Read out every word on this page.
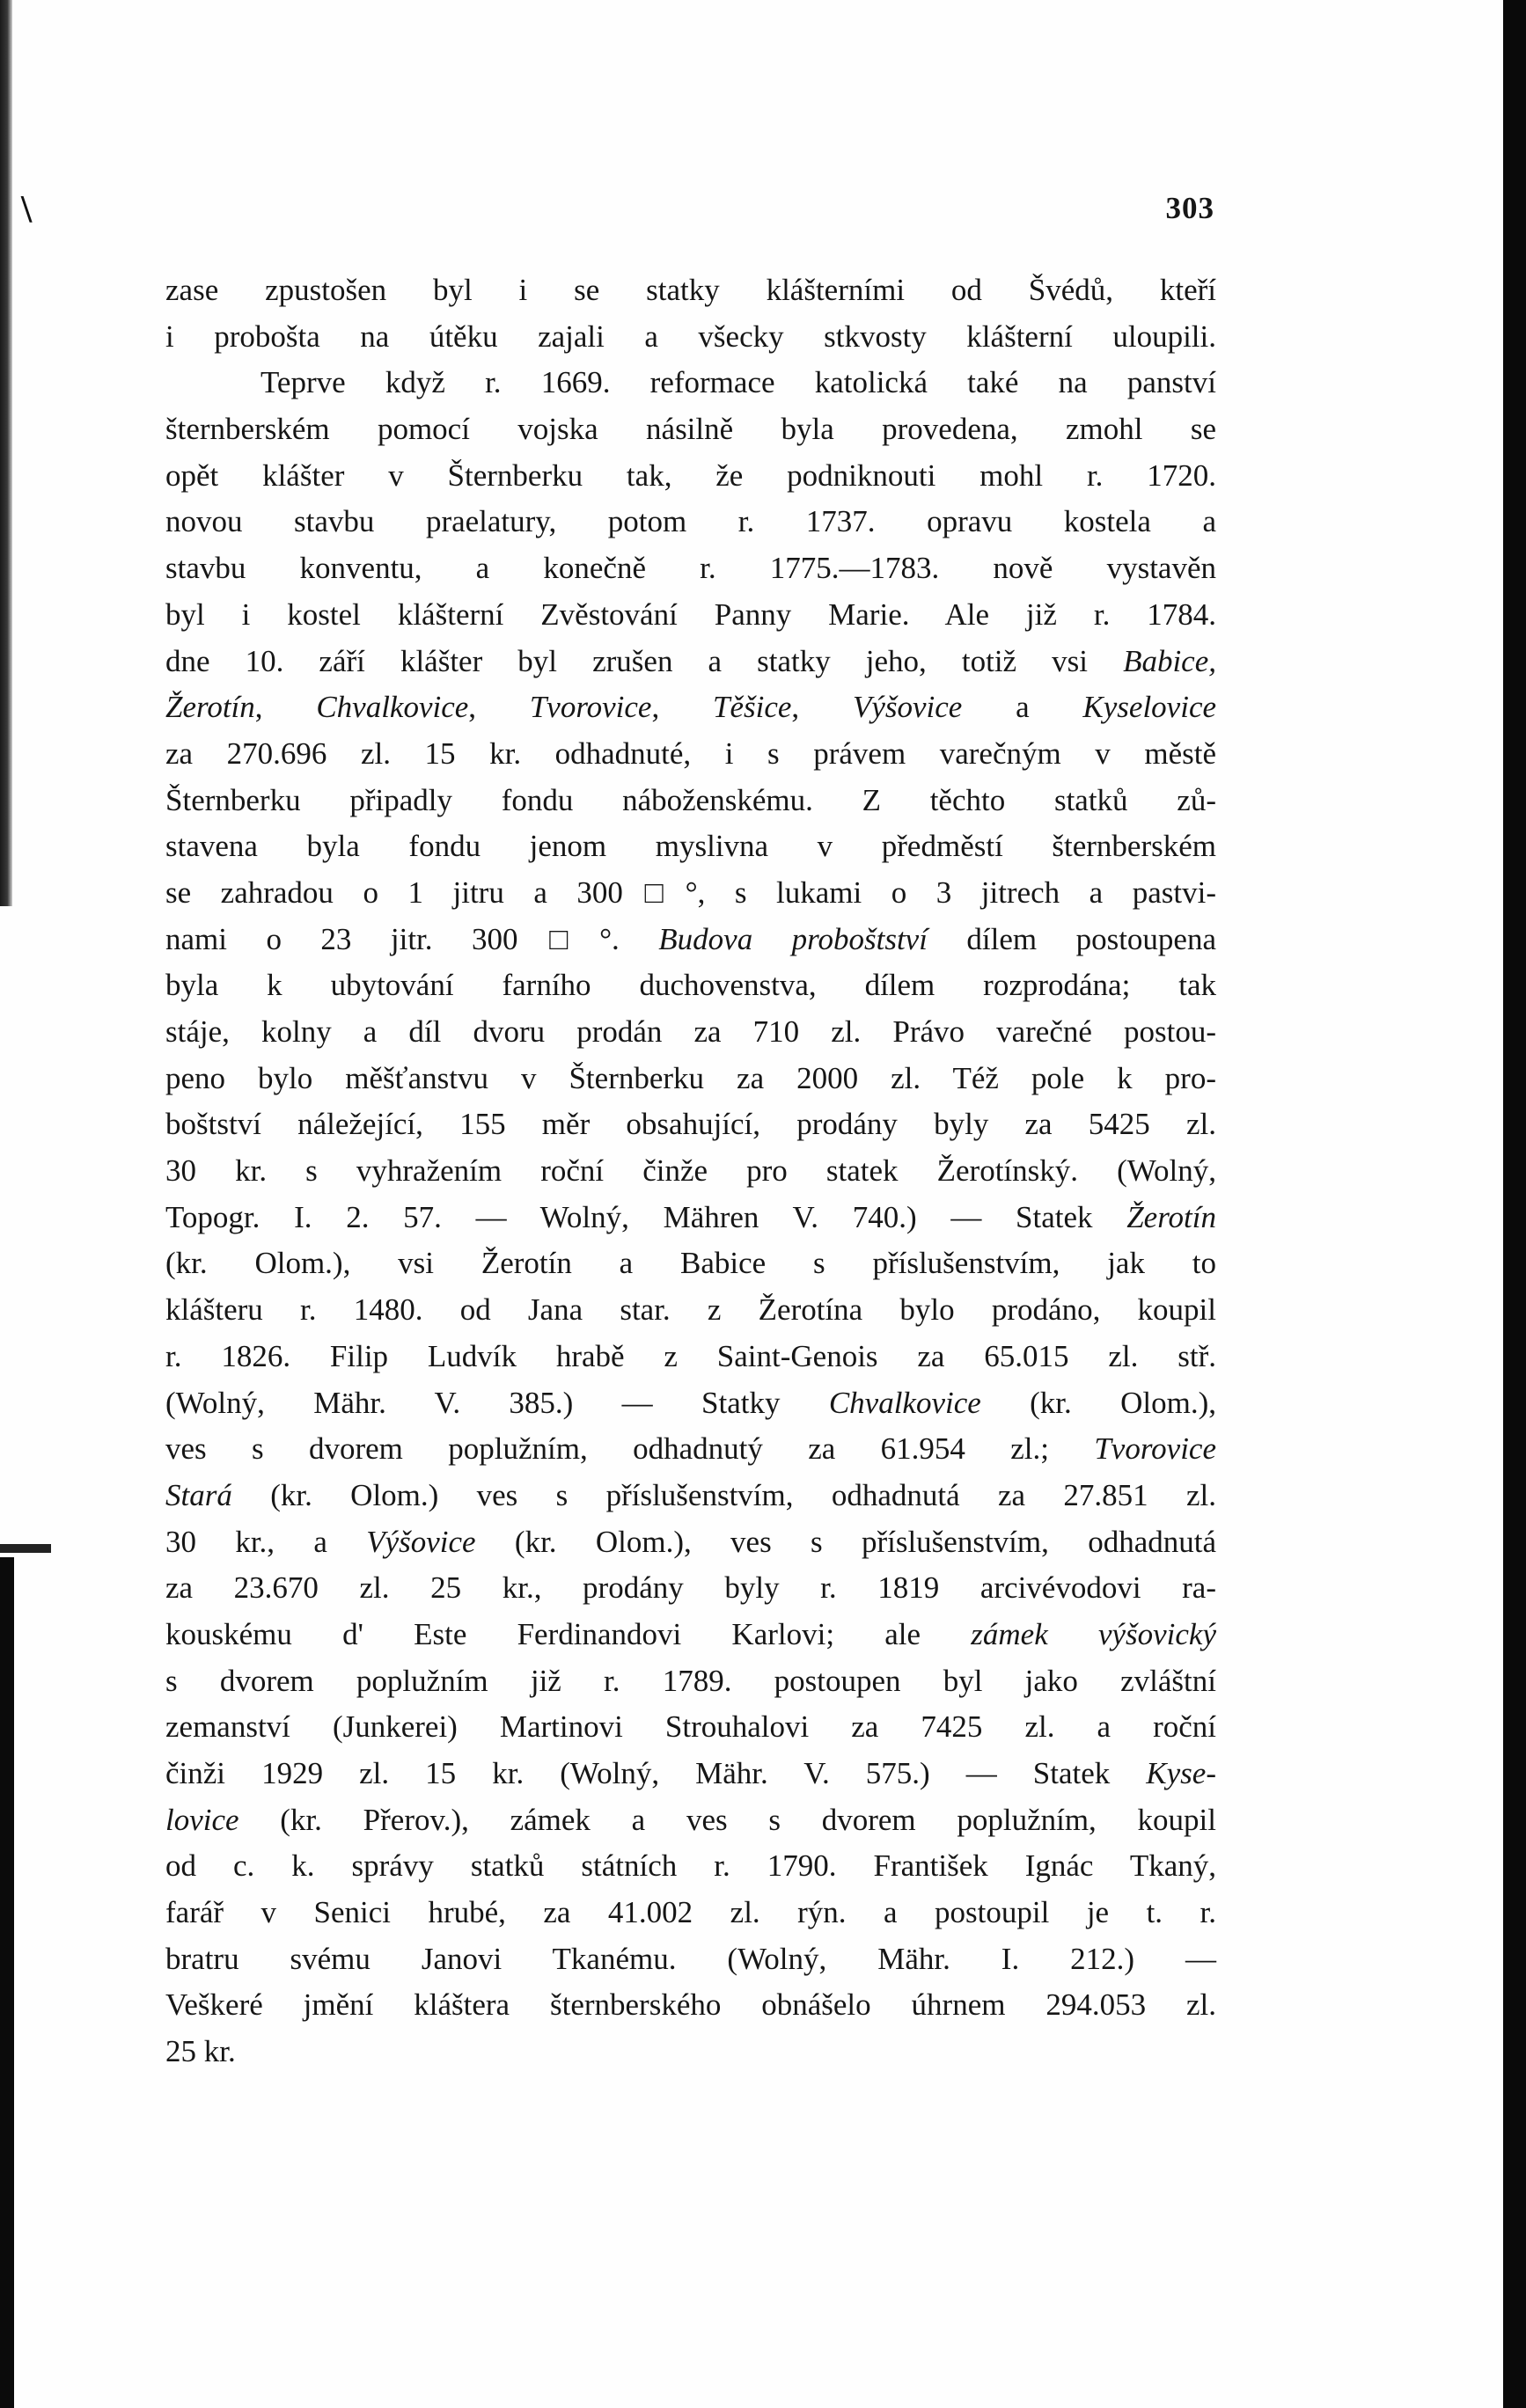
\	303
zase zpustošen byl i se statky klášterními od Švédů, kteří
i probošta na útěku zajali a všecky stkvosty klášterní uloupili.
Teprve když r. 1669. reformace katolická také na panství
šternberském pomocí vojska násilně byla provedena, zmohl se
opět klášter v Šternberku tak, že podniknouti mohl r. 1720.
novou stavbu praelatury, potom r. 1737. opravu kostela a
stavbu konventu, a konečně r. 1775.—1783. nově vystavěn
byl i kostel klášterní Zvěstování Panny Marie. Ale již r. 1784.
dne 10. září klášter byl zrušen a statky jeho, totiž vsi Babice,
Žerotín, Chvalkovice, Tvorovice, Těšice, Výšovice a Kyselovice
za 270.696 zl. 15 kr. odhadnuté, i s právem varečným v městě
Šternberku připadly fondu náboženskému. Z těchto statků zů-
stavena byla fondu jenom myslivna v předměstí šternberském
se zahradou o 1 jitru a 300□°, s lukami o 3 jitrech a pastvi-
nami o 23 jitr. 300□°. Budova proboštství dílem postoupena
byla k ubytování farního duchovenstva, dílem rozprodána; tak
stáje, kolny a díl dvoru prodán za 710 zl. Právo varečné postou-
peno bylo měšťanstvu v Šternberku za 2000 zl. Též pole k pro-
boštství náležející, 155 měr obsahující, prodány byly za 5425 zl.
30 kr. s vyhražením roční činže pro statek Žerotínský. (Wolný,
Topogr. I. 2. 57. — Wolný, Mähren V. 740.) — Statek Žerotín
(kr. Olom.), vsi Žerotín a Babice s příslušenstvím, jak to
klášteru r. 1480. od Jana star. z Žerotína bylo prodáno, koupil
r. 1826. Filip Ludvík hrabě z Saint-Genois za 65.015 zl. stř.
(Wolný, Mähr. V. 385.) — Statky Chvalkovice (kr. Olom.),
ves s dvorem poplužním, odhadnutý za 61.954 zl.; Tvorovice
Stará (kr. Olom.) ves s příslušenstvím, odhadnutá za 27.851 zl.
30 kr., a Výšovice (kr. Olom.), ves s příslušenstvím, odhadnutá
za 23.670 zl. 25 kr., prodány byly r. 1819 arcivévodovi ra-
kouskému d' Este Ferdinandovi Karlovi; ale zámek výšovický
s dvorem poplužním již r. 1789. postoupen byl jako zvláštní
zemanství (Junkerei) Martinovi Strouhalovi za 7425 zl. a roční
činži 1929 zl. 15 kr. (Wolný, Mähr. V. 575.) — Statek Kyse-
lovice (kr. Přerov.), zámek a ves s dvorem poplužním, koupil
od c. k. správy statků státních r. 1790. František Ignác Tkaný,
farář v Senici hrubé, za 41.002 zl. rýn. a postoupil je t. r.
bratru svému Janovi Tkanému. (Wolný, Mähr. I. 212.) —
Veškeré jmění kláštera šternberského obnášelo úhrnem 294.053 zl.
25 kr.
